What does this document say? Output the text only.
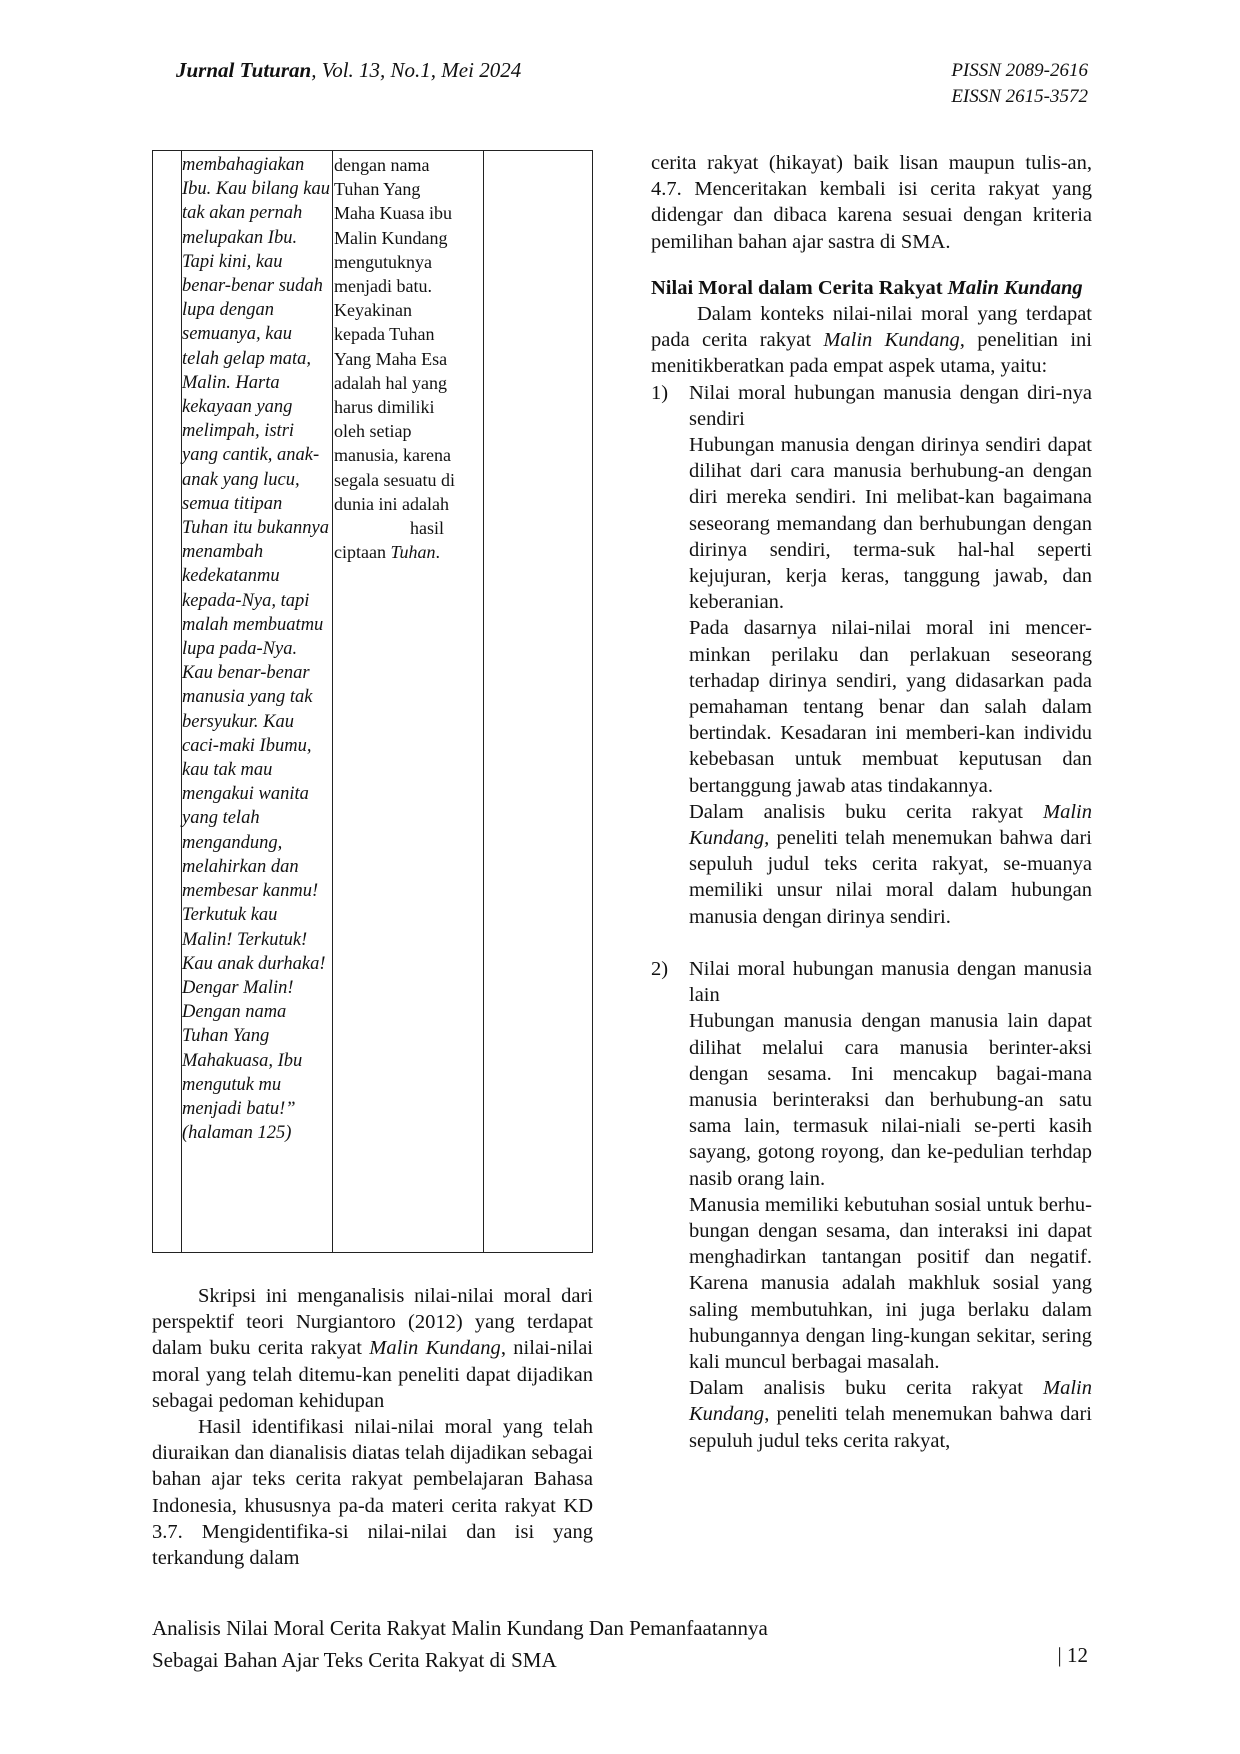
Jurnal Tuturan, Vol. 13, No.1, Mei 2024	PISSN 2089-2616
EISSN 2615-3572
membahagiakan Ibu. Kau bilang kau tak akan pernah melupakan Ibu. Tapi kini, kau benar-benar sudah lupa dengan semuanya, kau telah gelap mata, Malin. Harta kekayaan yang melimpah, istri yang cantik, anak-anak yang lucu, semua titipan Tuhan itu bukannya menambah kedekatanmu kepada-Nya, tapi malah membuatmu lupa pada-Nya. Kau benar-benar manusia yang tak bersyukur. Kau caci-maki Ibumu, kau tak mau mengakui wanita yang telah mengandung, melahirkan dan membesar kanmu! Terkutuk kau Malin! Terkutuk! Kau anak durhaka! Dengar Malin! Dengan nama Tuhan Yang Mahakuasa, Ibu mengutuk mu menjadi batu!” (halaman 125)
dengan nama
Tuhan Yang
Maha Kuasa ibu
Malin Kundang
mengutuknya
menjadi batu.
Keyakinan
kepada Tuhan
Yang Maha Esa
adalah hal yang
harus dimiliki
oleh setiap
manusia, karena
segala sesuatu di
dunia ini adalah
hasil
ciptaan Tuhan.

Skripsi ini menganalisis nilai-nilai moral dari perspektif teori Nurgiantoro (2012) yang terdapat dalam buku cerita rakyat Malin Kundang, nilai-nilai moral yang telah ditemu-kan peneliti dapat dijadikan sebagai pedoman kehidupan

Hasil identifikasi nilai-nilai moral yang telah diuraikan dan dianalisis diatas telah dijadikan sebagai bahan ajar teks cerita rakyat pembelajaran Bahasa Indonesia, khususnya pa-da materi cerita rakyat KD 3.7. Mengidentifika-si nilai-nilai dan isi yang terkandung dalam

cerita rakyat (hikayat) baik lisan maupun tulis-an, 4.7. Menceritakan kembali isi cerita rakyat yang didengar dan dibaca karena sesuai dengan kriteria pemilihan bahan ajar sastra di SMA.

Nilai Moral dalam Cerita Rakyat Malin Kundang

Dalam konteks nilai-nilai moral yang terdapat pada cerita rakyat Malin Kundang, penelitian ini menitikberatkan pada empat aspek utama, yaitu:

1) Nilai moral hubungan manusia dengan diri-nya sendiri

Hubungan manusia dengan dirinya sendiri dapat dilihat dari cara manusia berhubung-an dengan diri mereka sendiri. Ini melibat-kan bagaimana seseorang memandang dan berhubungan dengan dirinya sendiri, terma-suk hal-hal seperti kejujuran, kerja keras, tanggung jawab, dan keberanian.

Pada dasarnya nilai-nilai moral ini mencer-minkan perilaku dan perlakuan seseorang terhadap dirinya sendiri, yang didasarkan pada pemahaman tentang benar dan salah dalam bertindak. Kesadaran ini memberi-kan individu kebebasan untuk membuat keputusan dan bertanggung jawab atas tindakannya.

Dalam analisis buku cerita rakyat Malin Kundang, peneliti telah menemukan bahwa dari sepuluh judul teks cerita rakyat, se-muanya memiliki unsur nilai moral dalam hubungan manusia dengan dirinya sendiri.

2) Nilai moral hubungan manusia dengan manusia lain

Hubungan manusia dengan manusia lain dapat dilihat melalui cara manusia berinter-aksi dengan sesama. Ini mencakup bagai-mana manusia berinteraksi dan berhubung-an satu sama lain, termasuk nilai-niali se-perti kasih sayang, gotong royong, dan ke-pedulian terhdap nasib orang lain.

Manusia memiliki kebutuhan sosial untuk berhu-bungan dengan sesama, dan interaksi ini dapat menghadirkan tantangan positif dan negatif. Karena manusia adalah makhluk sosial yang saling membutuhkan, ini juga berlaku dalam hubungannya dengan ling-kungan sekitar, sering kali muncul berbagai masalah.

Dalam analisis buku cerita rakyat Malin Kundang, peneliti telah menemukan bahwa dari sepuluh judul teks cerita rakyat,

Analisis Nilai Moral Cerita Rakyat Malin Kundang Dan Pemanfaatannya
Sebagai Bahan Ajar Teks Cerita Rakyat di SMA	| 12
